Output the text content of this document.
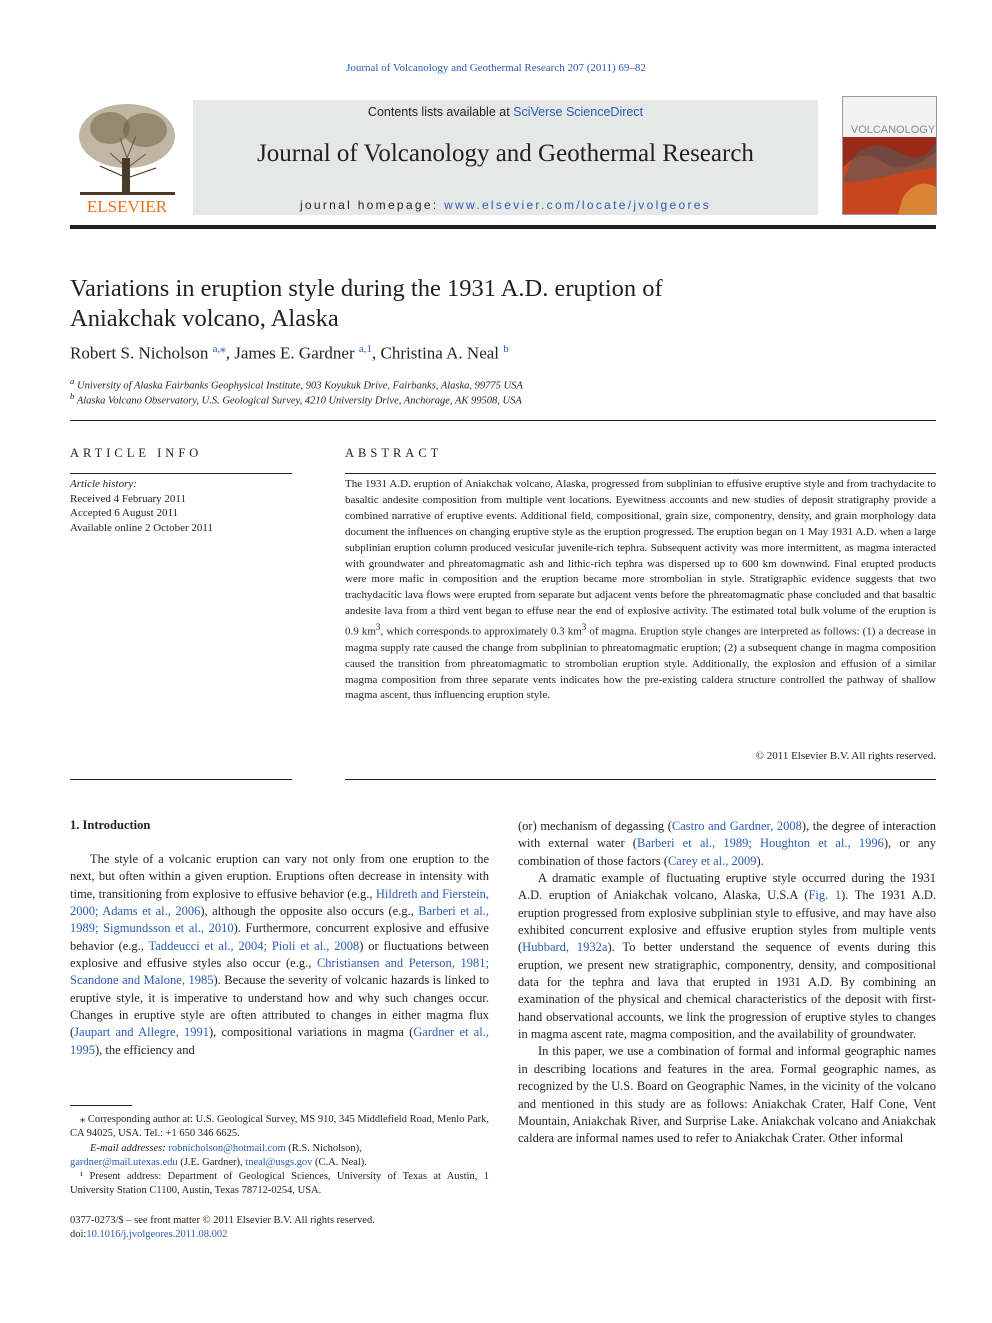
Journal of Volcanology and Geothermal Research 207 (2011) 69–82
ELSEVIER
Contents lists available at SciVerse ScienceDirect
Journal of Volcanology and Geothermal Research
journal homepage: www.elsevier.com/locate/jvolgeores
VOLCANOLOGY
Variations in eruption style during the 1931 A.D. eruption of Aniakchak volcano, Alaska
Robert S. Nicholson $^{a,⁎}$, James E. Gardner $^{a,1}$, Christina A. Neal $^b$
$^a$ University of Alaska Fairbanks Geophysical Institute, 903 Koyukuk Drive, Fairbanks, Alaska, 99775 USA
$^b$ Alaska Volcano Observatory, U.S. Geological Survey, 4210 University Drive, Anchorage, AK 99508, USA
ARTICLE INFO
Article history:
Received 4 February 2011
Accepted 6 August 2011
Available online 2 October 2011
ABSTRACT
The 1931 A.D. eruption of Aniakchak volcano, Alaska, progressed from subplinian to effusive eruptive style and from trachydacite to basaltic andesite composition from multiple vent locations. Eyewitness accounts and new studies of deposit stratigraphy provide a combined narrative of eruptive events. Additional field, compositional, grain size, componentry, density, and grain morphology data document the influences on changing eruptive style as the eruption progressed. The eruption began on 1 May 1931 A.D. when a large subplinian eruption column produced vesicular juvenile-rich tephra. Subsequent activity was more intermittent, as magma interacted with groundwater and phreatomagmatic ash and lithic-rich tephra was dispersed up to 600 km downwind. Final erupted products were more mafic in composition and the eruption became more strombolian in style. Stratigraphic evidence suggests that two trachydacitic lava flows were erupted from separate but adjacent vents before the phreatomagmatic phase concluded and that basaltic andesite lava from a third vent began to effuse near the end of explosive activity. The estimated total bulk volume of the eruption is 0.9 $km^3$, which corresponds to approximately 0.3 $km^3$ of magma. Eruption style changes are interpreted as follows: (1) a decrease in magma supply rate caused the change from subplinian to phreatomagmatic eruption; (2) a subsequent change in magma composition caused the transition from phreatomagmatic to strombolian eruption style. Additionally, the explosion and effusion of a similar magma composition from three separate vents indicates how the pre-existing caldera structure controlled the pathway of shallow magma ascent, thus influencing eruption style.
© 2011 Elsevier B.V. All rights reserved.
1. Introduction

The style of a volcanic eruption can vary not only from one eruption to the next, but often within a given eruption. Eruptions often decrease in intensity with time, transitioning from explosive to effusive behavior (e.g., Hildreth and Fierstein, 2000; Adams et al., 2006), although the opposite also occurs (e.g., Barberi et al., 1989; Sigmundsson et al., 2010). Furthermore, concurrent explosive and effusive behavior (e.g., Taddeucci et al., 2004; Pioli et al., 2008) or fluctuations between explosive and effusive styles also occur (e.g., Christiansen and Peterson, 1981; Scandone and Malone, 1985). Because the severity of volcanic hazards is linked to eruptive style, it is imperative to understand how and why such changes occur. Changes in eruptive style are often attributed to changes in either magma flux (Jaupart and Allegre, 1991), compositional variations in magma (Gardner et al., 1995), the efficiency and

(or) mechanism of degassing (Castro and Gardner, 2008), the degree of interaction with external water (Barberi et al., 1989; Houghton et al., 1996), or any combination of those factors (Carey et al., 2009).

A dramatic example of fluctuating eruptive style occurred during the 1931 A.D. eruption of Aniakchak volcano, Alaska, U.S.A (Fig. 1). The 1931 A.D. eruption progressed from explosive subplinian style to effusive, and may have also exhibited concurrent explosive and effusive eruption styles from multiple vents (Hubbard, 1932a). To better understand the sequence of events during this eruption, we present new stratigraphic, componentry, density, and compositional data for the tephra and lava that erupted in 1931 A.D. By combining an examination of the physical and chemical characteristics of the deposit with first-hand observational accounts, we link the progression of eruptive styles to changes in magma ascent rate, magma composition, and the availability of groundwater.

In this paper, we use a combination of formal and informal geographic names in describing locations and features in the area. Formal geographic names, as recognized by the U.S. Board on Geographic Names, in the vicinity of the volcano and mentioned in this study are as follows: Aniakchak Crater, Half Cone, Vent Mountain, Aniakchak River, and Surprise Lake. Aniakchak volcano and Aniakchak caldera are informal names used to refer to Aniakchak Crater. Other informal

⁎ Corresponding author at: U.S. Geological Survey, MS 910, 345 Middlefield Road, Menlo Park, CA 94025, USA. Tel.: +1 650 346 6625.

E-mail addresses: robnicholson@hotmail.com (R.S. Nicholson),
gardner@mail.utexas.edu (J.E. Gardner), tneal@usgs.gov (C.A. Neal).

¹ Present address: Department of Geological Sciences, University of Texas at Austin, 1 University Station C1100, Austin, Texas 78712-0254, USA.

0377-0273/$ – see front matter © 2011 Elsevier B.V. All rights reserved.
doi:10.1016/j.jvolgeores.2011.08.002
